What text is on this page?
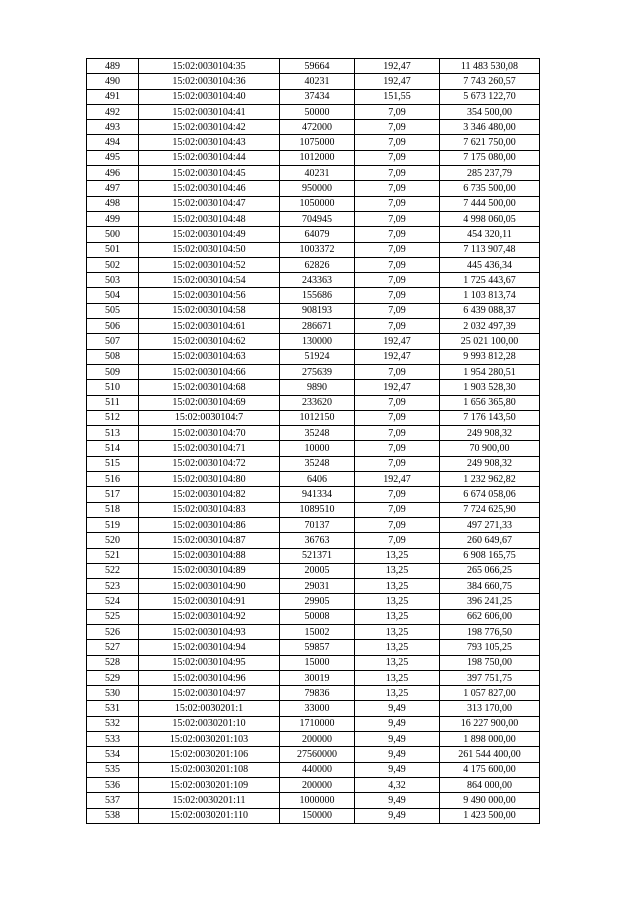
489	15:02:0030104:35	59664	192,47	11 483 530,08
490	15:02:0030104:36	40231	192,47	7 743 260,57
491	15:02:0030104:40	37434	151,55	5 673 122,70
492	15:02:0030104:41	50000	7,09	354 500,00
493	15:02:0030104:42	472000	7,09	3 346 480,00
494	15:02:0030104:43	1075000	7,09	7 621 750,00
495	15:02:0030104:44	1012000	7,09	7 175 080,00
496	15:02:0030104:45	40231	7,09	285 237,79
497	15:02:0030104:46	950000	7,09	6 735 500,00
498	15:02:0030104:47	1050000	7,09	7 444 500,00
499	15:02:0030104:48	704945	7,09	4 998 060,05
500	15:02:0030104:49	64079	7,09	454 320,11
501	15:02:0030104:50	1003372	7,09	7 113 907,48
502	15:02:0030104:52	62826	7,09	445 436,34
503	15:02:0030104:54	243363	7,09	1 725 443,67
504	15:02:0030104:56	155686	7,09	1 103 813,74
505	15:02:0030104:58	908193	7,09	6 439 088,37
506	15:02:0030104:61	286671	7,09	2 032 497,39
507	15:02:0030104:62	130000	192,47	25 021 100,00
508	15:02:0030104:63	51924	192,47	9 993 812,28
509	15:02:0030104:66	275639	7,09	1 954 280,51
510	15:02:0030104:68	9890	192,47	1 903 528,30
511	15:02:0030104:69	233620	7,09	1 656 365,80
512	15:02:0030104:7	1012150	7,09	7 176 143,50
513	15:02:0030104:70	35248	7,09	249 908,32
514	15:02:0030104:71	10000	7,09	70 900,00
515	15:02:0030104:72	35248	7,09	249 908,32
516	15:02:0030104:80	6406	192,47	1 232 962,82
517	15:02:0030104:82	941334	7,09	6 674 058,06
518	15:02:0030104:83	1089510	7,09	7 724 625,90
519	15:02:0030104:86	70137	7,09	497 271,33
520	15:02:0030104:87	36763	7,09	260 649,67
521	15:02:0030104:88	521371	13,25	6 908 165,75
522	15:02:0030104:89	20005	13,25	265 066,25
523	15:02:0030104:90	29031	13,25	384 660,75
524	15:02:0030104:91	29905	13,25	396 241,25
525	15:02:0030104:92	50008	13,25	662 606,00
526	15:02:0030104:93	15002	13,25	198 776,50
527	15:02:0030104:94	59857	13,25	793 105,25
528	15:02:0030104:95	15000	13,25	198 750,00
529	15:02:0030104:96	30019	13,25	397 751,75
530	15:02:0030104:97	79836	13,25	1 057 827,00
531	15:02:0030201:1	33000	9,49	313 170,00
532	15:02:0030201:10	1710000	9,49	16 227 900,00
533	15:02:0030201:103	200000	9,49	1 898 000,00
534	15:02:0030201:106	27560000	9,49	261 544 400,00
535	15:02:0030201:108	440000	9,49	4 175 600,00
536	15:02:0030201:109	200000	4,32	864 000,00
537	15:02:0030201:11	1000000	9,49	9 490 000,00
538	15:02:0030201:110	150000	9,49	1 423 500,00
